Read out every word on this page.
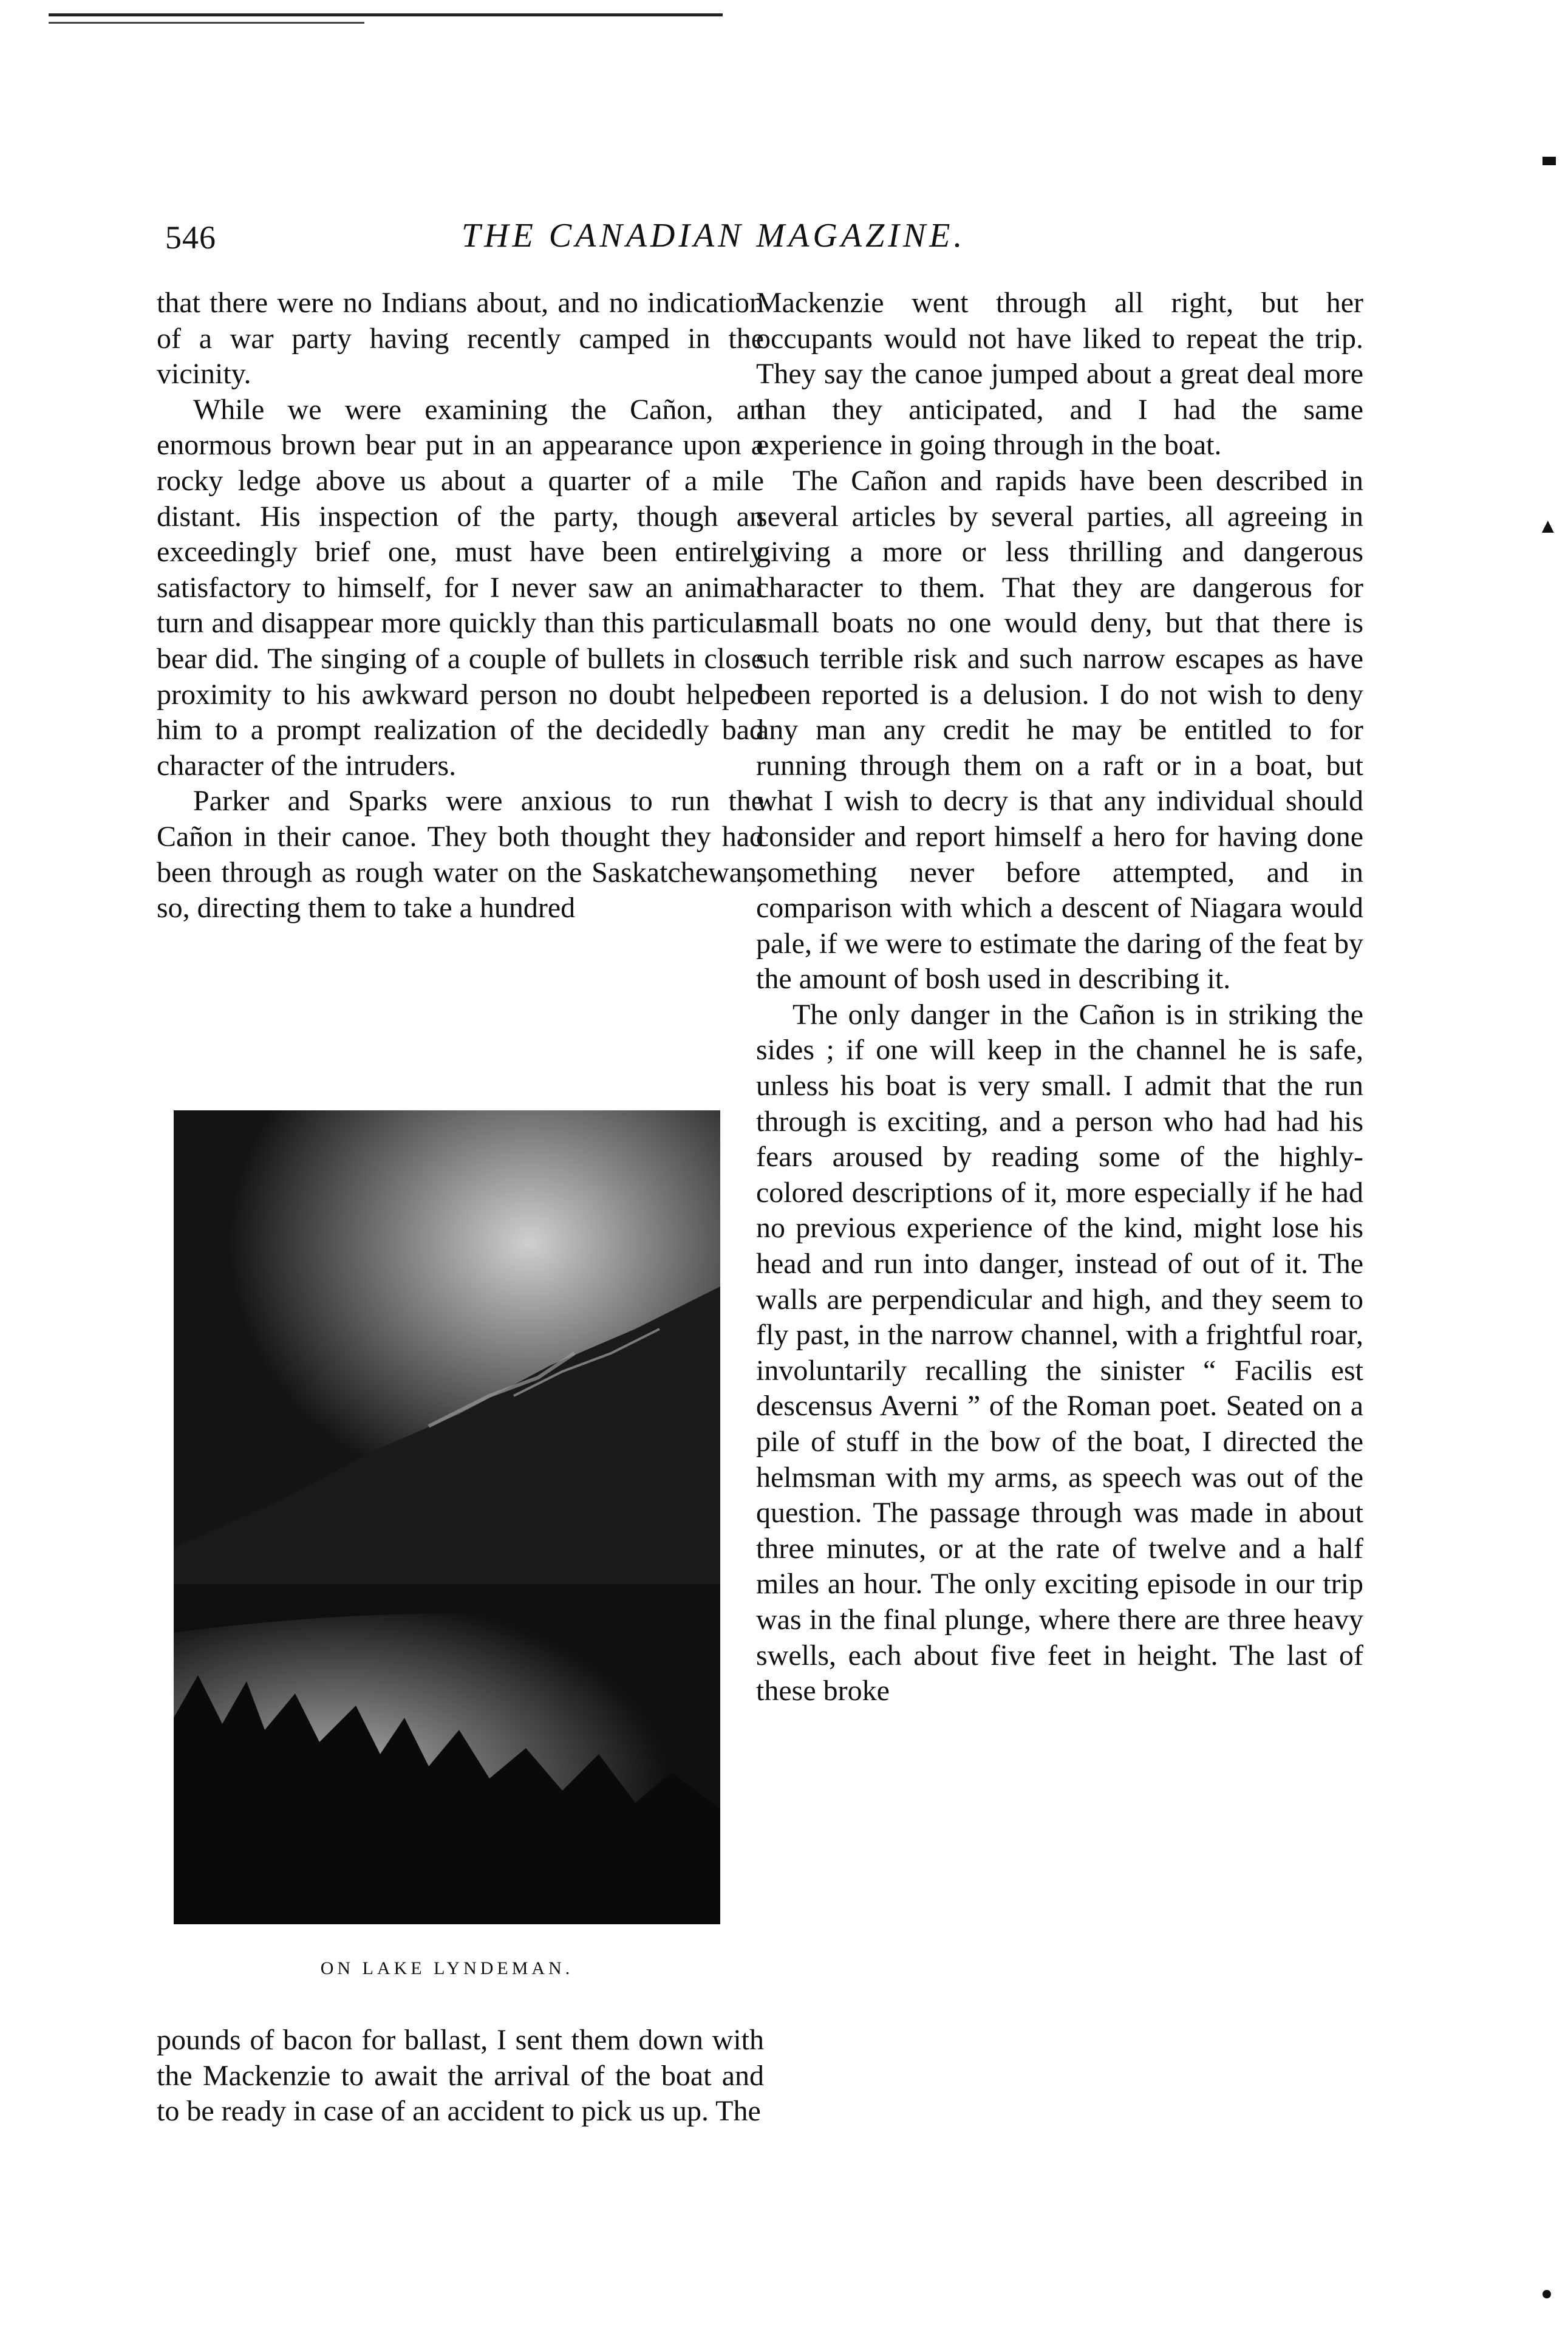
▲
546	THE CANADIAN MAGAZINE.

that there were no Indians about, and no indication of a war party having recently camped in the vicinity.

While we were examining the Cañon, an enormous brown bear put in an appearance upon a rocky ledge above us about a quarter of a mile distant. His inspection of the party, though an exceedingly brief one, must have been entirely satisfactory to himself, for I never saw an animal turn and disappear more quickly than this particular bear did. The singing of a couple of bullets in close proximity to his awkward person no doubt helped him to a prompt realization of the decidedly bad character of the intruders.

Parker and Sparks were anxious to run the Cañon in their canoe. They both thought they had been through as rough water on the Saskatchewan, so, directing them to take a hundred

ON LAKE LYNDEMAN.

pounds of bacon for ballast, I sent them down with the Mackenzie to await the arrival of the boat and to be ready in case of an accident to pick us up. The

Mackenzie went through all right, but her occupants would not have liked to repeat the trip. They say the canoe jumped about a great deal more than they anticipated, and I had the same experience in going through in the boat.

The Cañon and rapids have been described in several articles by several parties, all agreeing in giving a more or less thrilling and dangerous character to them. That they are dangerous for small boats no one would deny, but that there is such terrible risk and such narrow escapes as have been reported is a delusion. I do not wish to deny any man any credit he may be entitled to for running through them on a raft or in a boat, but what I wish to decry is that any individual should consider and report himself a hero for having done something never before attempted, and in comparison with which a descent of Niagara would pale, if we were to estimate the daring of the feat by the amount of bosh used in describing it.

The only danger in the Cañon is in striking the sides ; if one will keep in the channel he is safe, unless his boat is very small. I admit that the run through is exciting, and a person who had had his fears aroused by reading some of the highly-colored descriptions of it, more especially if he had no previous experience of the kind, might lose his head and run into danger, instead of out of it. The walls are perpendicular and high, and they seem to fly past, in the narrow channel, with a frightful roar, involuntarily recalling the sinister “ Facilis est descensus Averni ” of the Roman poet. Seated on a pile of stuff in the bow of the boat, I directed the helmsman with my arms, as speech was out of the question. The passage through was made in about three minutes, or at the rate of twelve and a half miles an hour. The only exciting episode in our trip was in the final plunge, where there are three heavy swells, each about five feet in height. The last of these broke
